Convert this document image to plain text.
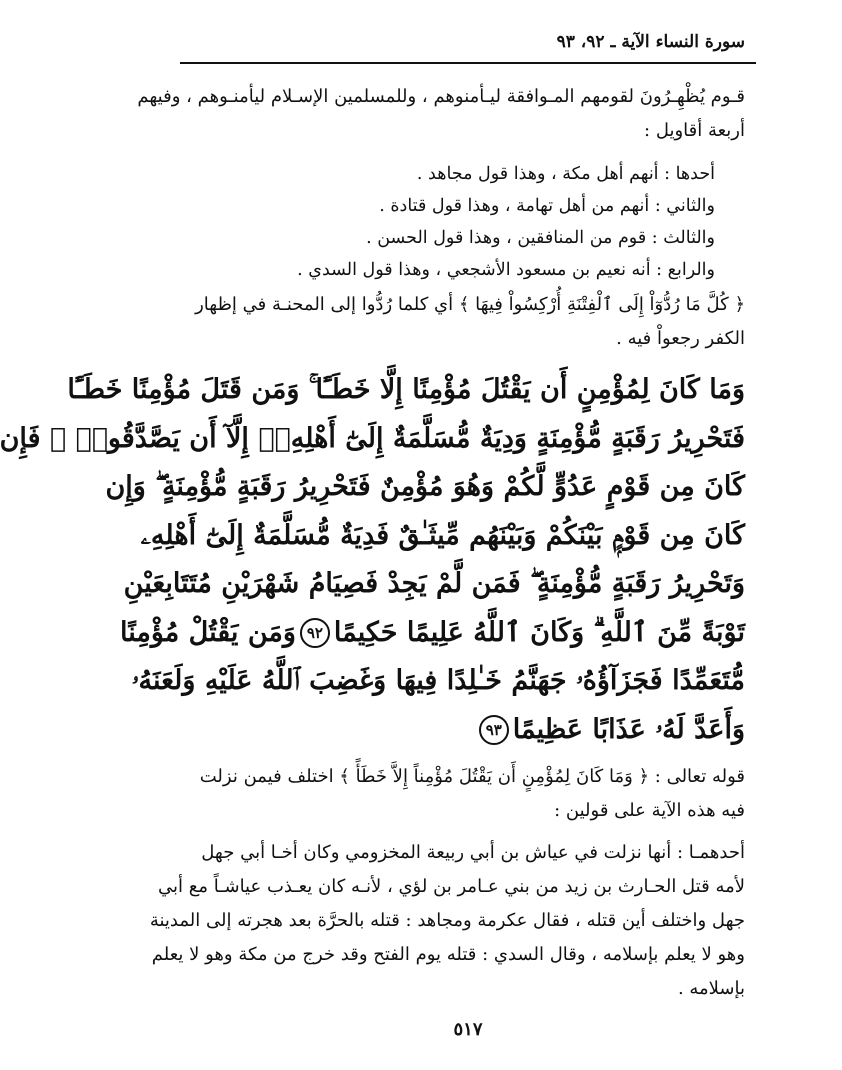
سورة النساء الآية ـ ٩٢، ٩٣
قـوم يُظْهِـرُونَ لقومهم المـوافقة ليـأمنوهم ، وللمسلمين الإسـلام ليأمنـوهم ، وفيهم
أربعة أقاويل :
أحدها : أنهم أهل مكة ، وهذا قول مجاهد .
والثاني : أنهم من أهل تهامة ، وهذا قول قتادة .
والثالث : قوم من المنافقين ، وهذا قول الحسن .
والرابع : أنه نعيم بن مسعود الأشجعي ، وهذا قول السدي .
﴿ كُلَّ مَا رُدُّوٓاْ إِلَى ٱلْفِتْنَةِ أُرْكِسُواْ فِيهَا ﴾ أي كلما رُدُّوا إلى المحنـة في إظهار
الكفر رجعواْ فيه .
وَمَا كَانَ لِمُؤْمِنٍ أَن يَقْتُلَ مُؤْمِنًا إِلَّا خَطَـًٔا ۚ وَمَن قَتَلَ مُؤْمِنًا خَطَـًٔا
فَتَحْرِيرُ رَقَبَةٍ مُّؤْمِنَةٍ وَدِيَةٌ مُّسَلَّمَةٌ إِلَىٰٓ أَهْلِهِۦٓ إِلَّآ أَن يَصَّدَّقُوا۟ ۚ فَإِن
كَانَ مِن قَوْمٍ عَدُوٍّ لَّكُمْ وَهُوَ مُؤْمِنٌ فَتَحْرِيرُ رَقَبَةٍ مُّؤْمِنَةٍ ۖ وَإِن
كَانَ مِن قَوْمٍۭ بَيْنَكُمْ وَبَيْنَهُم مِّيثَـٰقٌ فَدِيَةٌ مُّسَلَّمَةٌ إِلَىٰٓ أَهْلِهِۦ
وَتَحْرِيرُ رَقَبَةٍ مُّؤْمِنَةٍ ۖ فَمَن لَّمْ يَجِدْ فَصِيَامُ شَهْرَيْنِ مُتَتَابِعَيْنِ
تَوْبَةً مِّنَ ٱللَّهِ ۗ وَكَانَ ٱللَّهُ عَلِيمًا حَكِيمًا٩٢وَمَن يَقْتُلْ مُؤْمِنًا
مُّتَعَمِّدًا فَجَزَآؤُهُۥ جَهَنَّمُ خَـٰلِدًا فِيهَا وَغَضِبَ ٱللَّهُ عَلَيْهِ وَلَعَنَهُۥ
وَأَعَدَّ لَهُۥ عَذَابًا عَظِيمًا٩٣
قوله تعالى : ﴿ وَمَا كَانَ لِمُؤْمِنٍ أَن يَقْتُلَ مُؤْمِناً إِلاَّ خَطَأً ﴾ اختلف فيمن نزلت
فيه هذه الآية على قولين :
أحدهمـا : أنها نزلت في عياش بن أبي ربيعة المخزومي وكان أخـا أبي جهل
لأمه قتل الحـارث بن زيد من بني عـامر بن لؤي ، لأنـه كان يعـذب عياشـاً مع أبي
جهل واختلف أين قتله ، فقال عكرمة ومجاهد : قتله بالحرَّة بعد هجرته إلى المدينة
وهو لا يعلم بإسلامه ، وقال السدي : قتله يوم الفتح وقد خرج من مكة وهو لا يعلم
بإسلامه .
٥١٧
